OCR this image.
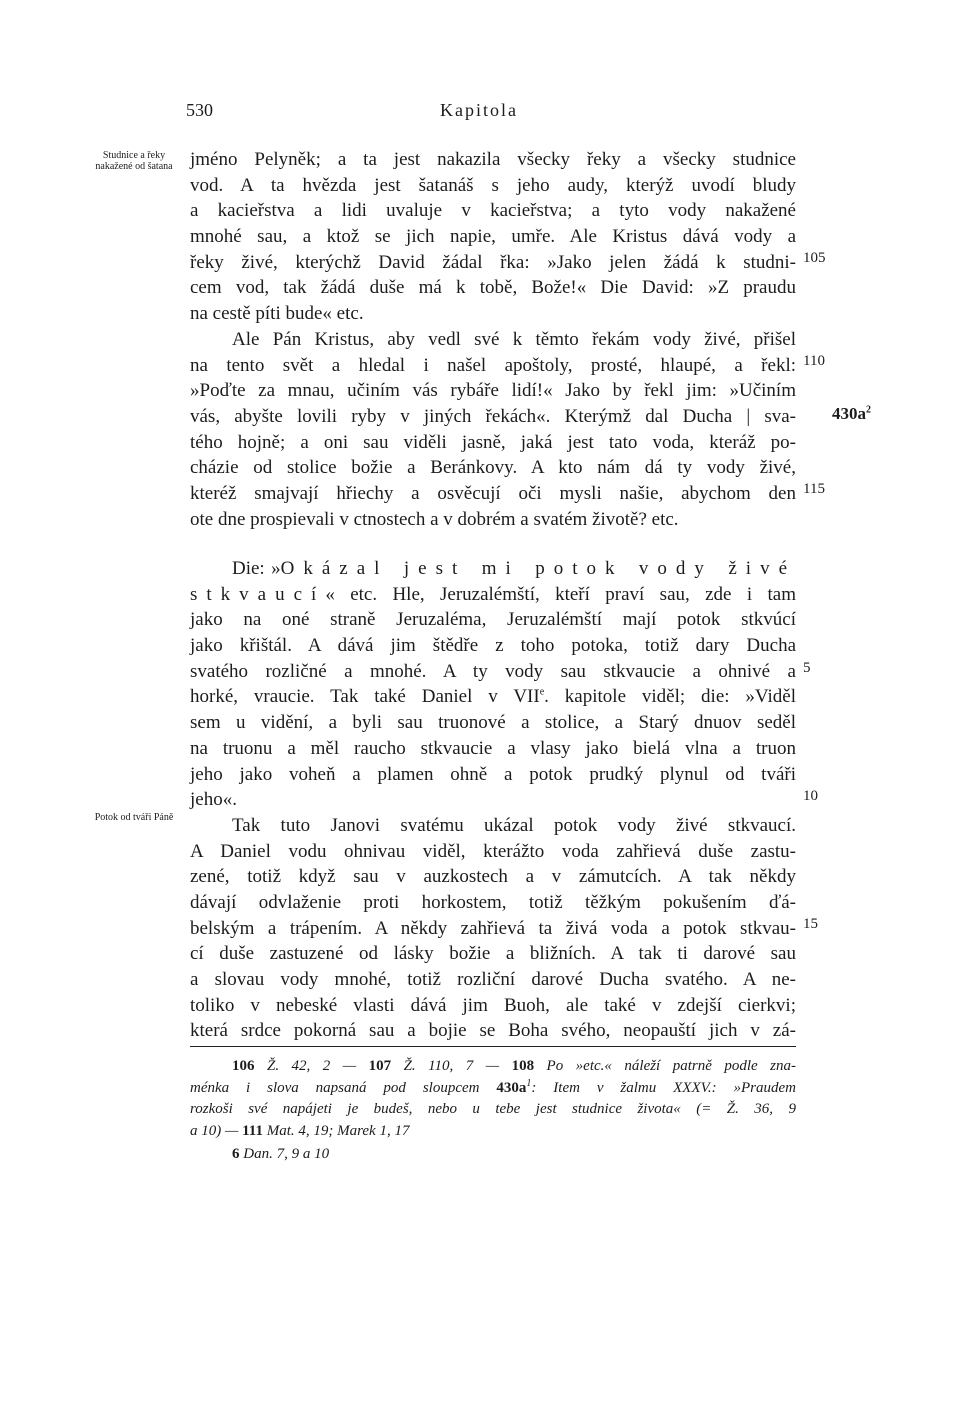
530	Kapitola
Studnice a řeky nakažené od šatana
Potok od tváři Páně
$430a^2$
jméno Pelyněk; a ta jest nakazila všecky řeky a všecky studnice
vod. A ta hvězda jest šatanáš s jeho audy, kterýž uvodí bludy
a kacieřstva a lidi uvaluje v kacieřstva; a tyto vody nakažené
mnohé sau, a ktož se jich napie, umře. Ale Kristus dává vody a
řeky živé, kterýchž David žádal řka: »Jako jelen žádá k studni-
cem vod, tak žádá duše má k tobě, Bože!« Die David: »Z praudu
na cestě píti bude« etc.
Ale Pán Kristus, aby vedl své k těmto řekám vody živé, přišel
na tento svět a hledal i našel apoštoly, prosté, hlaupé, a řekl:
»Poďte za mnau, učiním vás rybáře lidí!« Jako by řekl jim: »Učiním
vás, abyšte lovili ryby v jiných řekách«. Kterýmž dal Ducha | sva-
tého hojně; a oni sau viděli jasně, jaká jest tato voda, kteráž po-
cházie od stolice božie a Beránkovy. A kto nám dá ty vody živé,
kteréž smajvají hřiechy a osvěcují oči mysli našie, abychom den
ote dne prospievali v ctnostech a v dobrém a svatém životě? etc.
105
110
115
Die: »Okázal jest mi potok vody živé
stkvaucí« etc. Hle, Jeruzalémští, kteří praví sau, zde i tam
jako na oné straně Jeruzaléma, Jeruzalémští mají potok stkvúcí
jako křištál. A dává jim štědře z toho potoka, totiž dary Ducha
svatého rozličné a mnohé. A ty vody sau stkvaucie a ohnivé a
horké, vraucie. Tak také Daniel v VIIe. kapitole viděl; die: »Viděl
sem u vidění, a byli sau truonové a stolice, a Starý dnuov seděl
na truonu a měl raucho stkvaucie a vlasy jako bielá vlna a truon
jeho jako voheň a plamen ohně a potok prudký plynul od tváři
jeho«.
Tak tuto Janovi svatému ukázal potok vody živé stkvaucí.
A Daniel vodu ohnivau viděl, kterážto voda zahřievá duše zastu-
zené, totiž když sau v auzkostech a v zámutcích. A tak někdy
dávají odvlaženie proti horkostem, totiž těžkým pokušením ďá-
belským a trápením. A někdy zahřievá ta živá voda a potok stkvau-
cí duše zastuzené od lásky božie a bližních. A tak ti darové sau
a slovau vody mnohé, totiž rozliční darové Ducha svatého. A ne-
toliko v nebeské vlasti dává jim Buoh, ale také v zdejší cierkvi;
která srdce pokorná sau a bojie se Boha svého, neopauští jich v zá-
5
10
15
106 Ž. 42, 2 — 107 Ž. 110, 7 — 108 Po »etc.« náleží patrně podle zna-
ménka i slova napsaná pod sloupcem $430a^1$: Item v žalmu XXXV.: »Praudem
rozkoši své napájeti je budeš, nebo u tebe jest studnice života« (= Ž. 36, 9
a 10) — 111 Mat. 4, 19; Marek 1, 17
6 Dan. 7, 9 a 10
